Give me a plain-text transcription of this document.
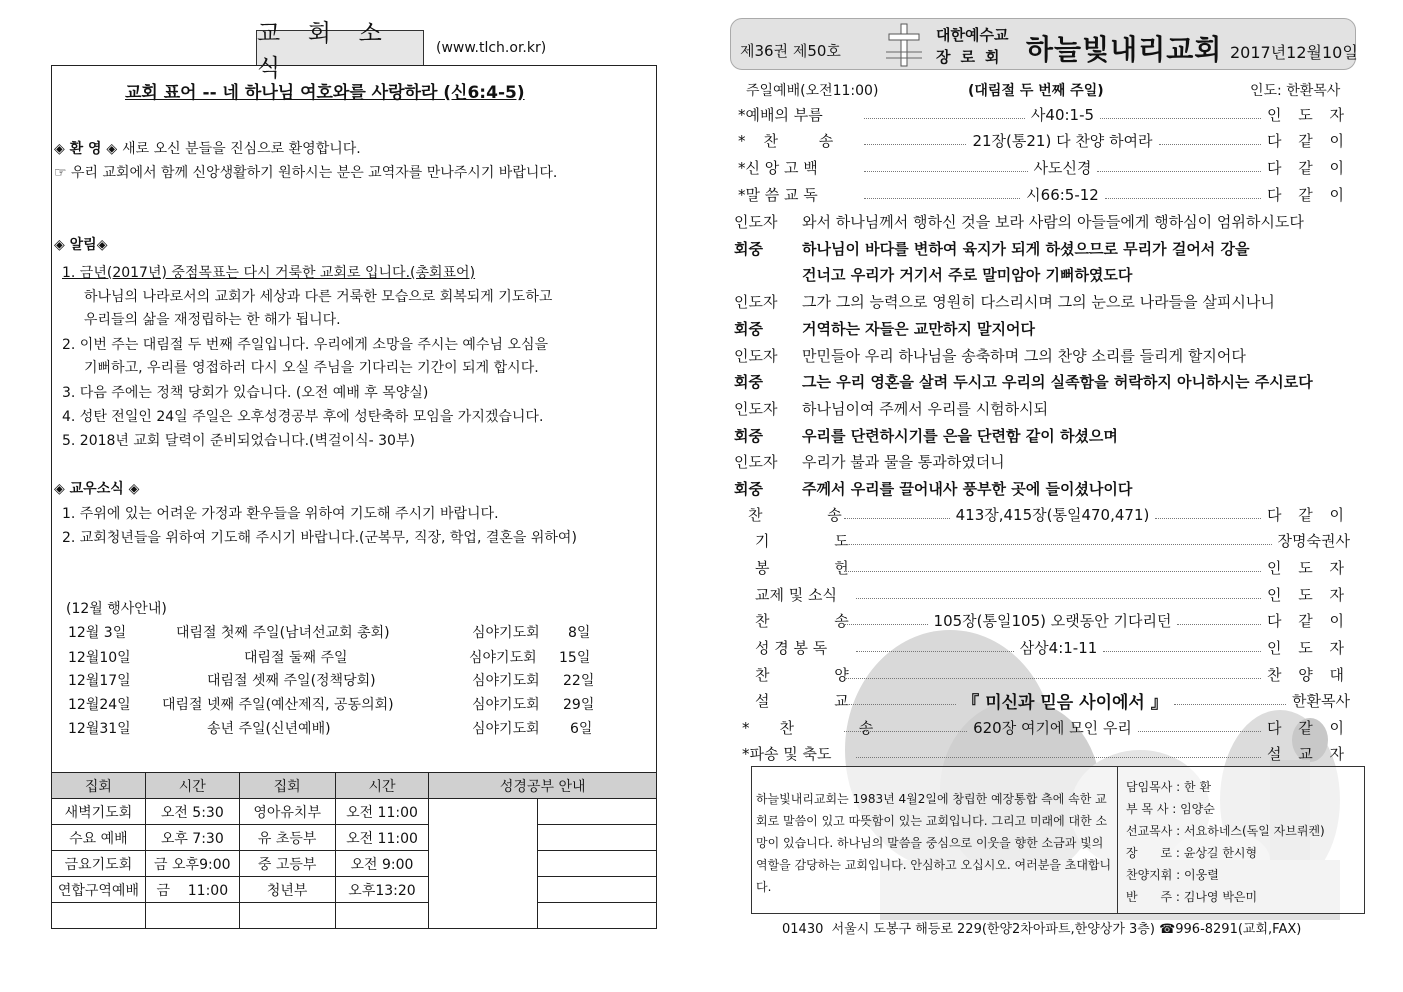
교 회 소 식
(www.tlch.or.kr)
교회 표어 -- 네 하나님 여호와를 사랑하라 (신6:4-5)
◈ 환 영 ◈ 새로 오신 분들을 진심으로 환영합니다.
☞ 우리 교회에서 함께 신앙생활하기 원하시는 분은 교역자를 만나주시기 바랍니다.
◈ 알림◈
1. 금년(2017년) 중점목표는 다시 거룩한 교회로 입니다.(총회표어)
하나님의 나라로서의 교회가 세상과 다른 거룩한 모습으로 회복되게 기도하고
우리들의 삶을 재정립하는 한 해가 됩니다.
2. 이번 주는 대림절 두 번째 주일입니다. 우리에게 소망을 주시는 예수님 오심을
기뻐하고, 우리를 영접하러 다시 오실 주님을 기다리는 기간이 되게 합시다.
3. 다음 주에는 정책 당회가 있습니다. (오전 예배 후 목양실)
4. 성탄 전일인 24일 주일은 오후성경공부 후에 성탄축하 모임을 가지겠습니다.
5. 2018년 교회 달력이 준비되었습니다.(벽걸이식- 30부)
◈ 교우소식 ◈
1. 주위에 있는 어려운 가정과 환우들을 위하여 기도해 주시기 바랍니다.
2. 교회청년들을 위하여 기도해 주시기 바랍니다.(군복무, 직장, 학업, 결혼을 위하여)
(12월 행사안내)
12월 3일	대림절 첫째 주일(남녀선교회 총회)	심야기도회 8일
12월10일	대림절 둘째 주일	심야기도회 15일
12월17일	대림절 셋째 주일(정책당회)	심야기도회 22일
12월24일 대림절 넷째 주일(예산제직, 공동의회)	심야기도회 29일
12월31일	송년 주일(신년예배)	심야기도회 6일
집회	시간	집회	시간	성경공부 안내	
새벽기도회	오전 5:30	영아유치부	오전 11:00		
수요 예배	오후 7:30	유 초등부	오전 11:00		
금요기도회	금 오후9:00	중 고등부	오전 9:00		
연합구역예배	금    11:00	청년부	오후13:20		

제36권 제50호
대한예수교
장로회 하늘빛내리교회 2017년12월10일
주일예배(오전11:00)	(대림절 두 번째 주일)	인도: 한환목사
*예배의 부름	사40:1-5	인 도 자
*찬 송	21장(통21) 다 찬양 하여라	다 같 이
*신 앙 고 백	사도신경	다 같 이
*말 씀 교 독	시66:5-12	다 같 이
인도자 와서 하나님께서 행하신 것을 보라 사람의 아들들에게 행하심이 엄위하시도다
회중	하나님이 바다를 변하여 육지가 되게 하셨으므로 무리가 걸어서 강을
건너고 우리가 거기서 주로 말미암아 기뻐하였도다
인도자 그가 그의 능력으로 영원히 다스리시며 그의 눈으로 나라들을 살피시나니
회중	거역하는 자들은 교만하지 말지어다
인도자 만민들아 우리 하나님을 송축하며 그의 찬양 소리를 들리게 할지어다
회중	그는 우리 영혼을 살려 두시고 우리의 실족함을 허락하지 아니하시는 주시로다
인도자 하나님이여 주께서 우리를 시험하시되
회중	우리를 단련하시기를 은을 단련함 같이 하셨으며
인도자 우리가 불과 물을 통과하였더니
회중	주께서 우리를 끌어내사 풍부한 곳에 들이셨나이다
찬 송	413장,415장(통일470,471)	다 같 이
기 도	장명숙권사
봉 헌	인 도 자
교제 및 소식	인 도 자
찬 송	105장(통일105) 오랫동안 기다리던	다 같 이
성 경 봉 독	삼상4:1-11	인 도 자
찬 양	찬 양 대
설 교	『 미신과 믿음 사이에서 』	한환목사
*찬 송	620장 여기에 모인 우리	다 같 이
*파송 및 축도	설 교 자
하늘빛내리교회는 1983년 4월2일에 창립한 예장통합 측에 속한 교회로 말씀이 있고 따뜻함이 있는 교회입니다. 그리고 미래에 대한 소망이 있습니다. 하나님의 말씀을 중심으로 이웃을 향한 소금과 빛의 역할을 감당하는 교회입니다. 안심하고 오십시오. 여러분을 초대합니다.
담임목사 : 한 환
부 목 사 : 임양순
선교목사 : 서요하네스(독일 자브뤼켄)
장      로 : 윤상길 한시형
찬양지휘 : 이웅렬
반      주 : 김나영 박은미
01430  서울시 도봉구 해등로 229(한양2차아파트,한양상가 3층) ☎996-8291(교회,FAX)
